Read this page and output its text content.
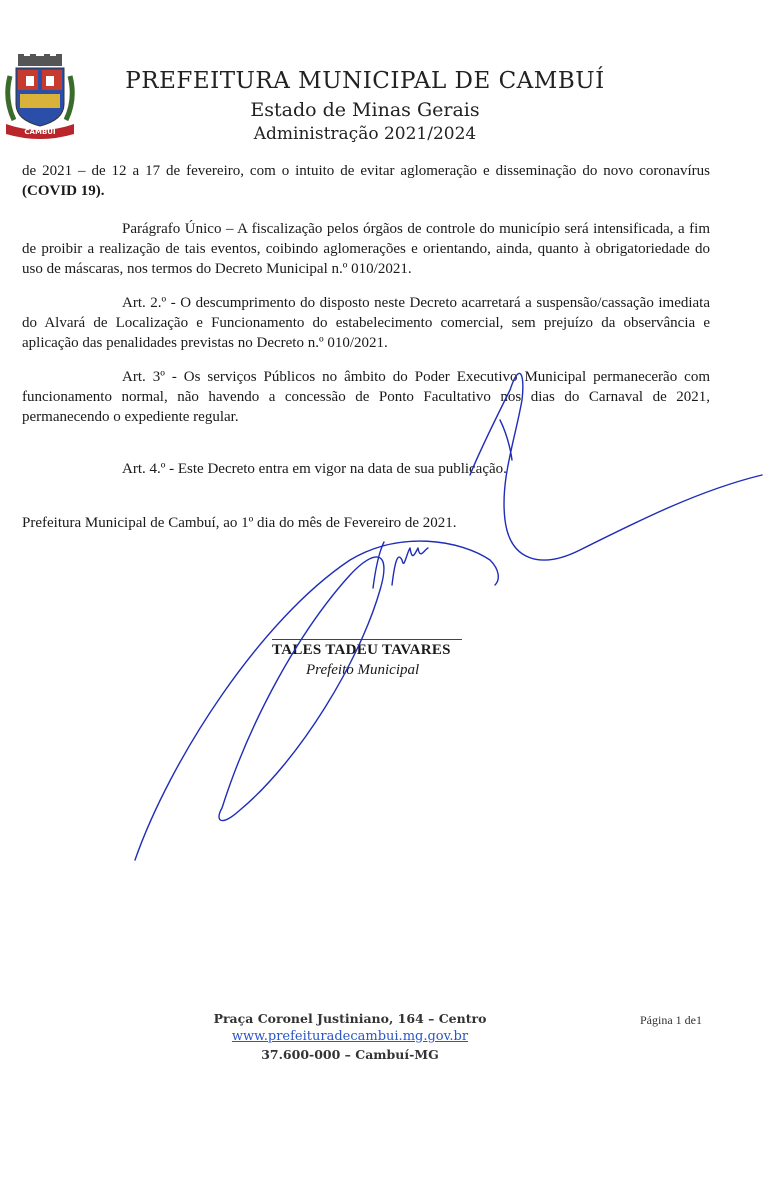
CAMBUÍ
PREFEITURA MUNICIPAL DE CAMBUÍ
Estado de Minas Gerais
Administração 2021/2024
de 2021 – de 12 a 17 de fevereiro, com o intuito de evitar aglomeração e disseminação do novo coronavírus (COVID 19).
Parágrafo Único – A fiscalização pelos órgãos de controle do município será intensificada, a fim de proibir a realização de tais eventos, coibindo aglomerações e orientando, ainda, quanto à obrigatoriedade do uso de máscaras, nos termos do Decreto Municipal n.º 010/2021.
Art. 2.º - O descumprimento do disposto neste Decreto acarretará a suspensão/cassação imediata do Alvará de Localização e Funcionamento do estabelecimento comercial, sem prejuízo da observância e aplicação das penalidades previstas no Decreto n.º 010/2021.
Art. 3º - Os serviços Públicos no âmbito do Poder Executivo Municipal permanecerão com funcionamento normal, não havendo a concessão de Ponto Facultativo nos dias do Carnaval de 2021, permanecendo o expediente regular.
Art. 4.º - Este Decreto entra em vigor na data de sua publicação.
Prefeitura Municipal de Cambuí, ao 1º dia do mês de Fevereiro de 2021.
TALES TADEU TAVARES
Prefeito Municipal
Praça Coronel Justiniano, 164 – Centro
www.prefeituradecambui.mg.gov.br
37.600-000 – Cambuí-MG
Página 1 de1
